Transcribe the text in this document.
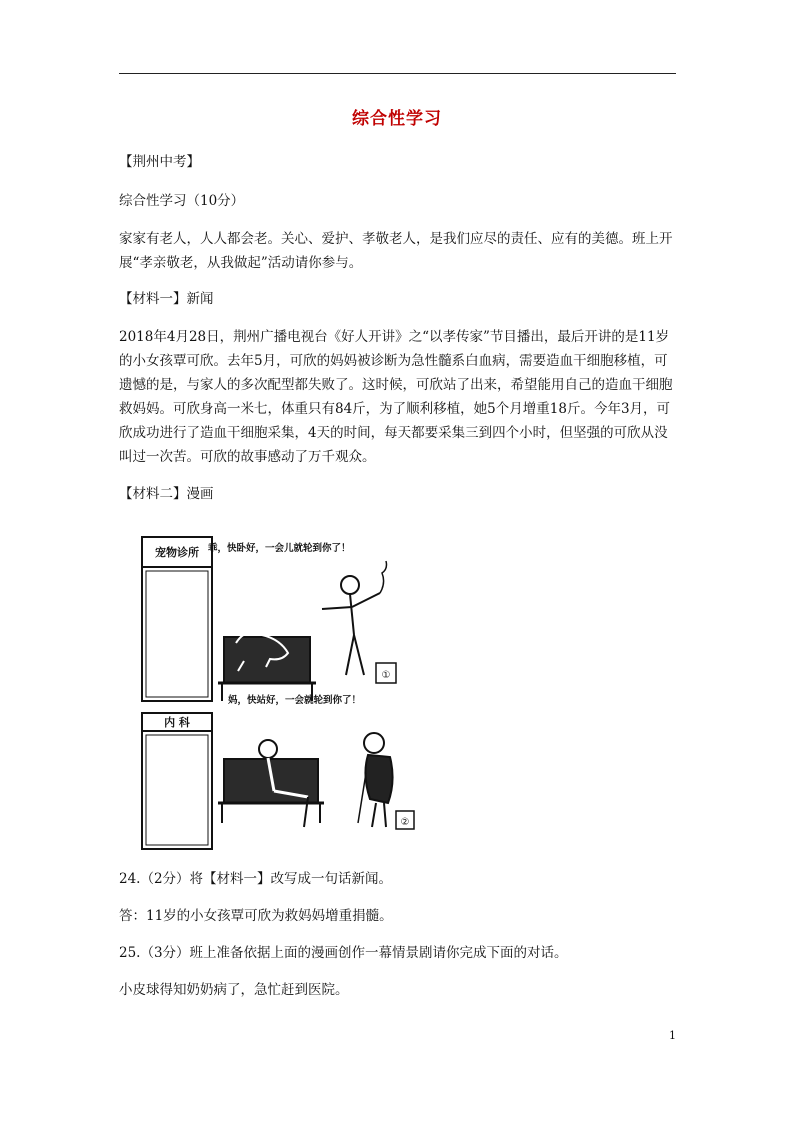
综合性学习
【荆州中考】
综合性学习（10分）
家家有老人，人人都会老。关心、爱护、孝敬老人，是我们应尽的责任、应有的美德。班上开展“孝亲敬老，从我做起”活动请你参与。
【材料一】新闻
2018年4月28日，荆州广播电视台《好人开讲》之“以孝传家”节目播出，最后开讲的是11岁的小女孩覃可欣。去年5月，可欣的妈妈被诊断为急性髓系白血病，需要造血干细胞移植，可遗憾的是，与家人的多次配型都失败了。这时候，可欣站了出来，希望能用自己的造血干细胞救妈妈。可欣身高一米七，体重只有84斤，为了顺利移植，她5个月增重18斤。今年3月，可欣成功进行了造血干细胞采集，4天的时间，每天都要采集三到四个小时，但坚强的可欣从没叫过一次苦。可欣的故事感动了万千观众。
【材料二】漫画
宠物诊所 乖，快卧好，一会儿就轮到你了！
①
内 科
妈，快站好，一会就轮到你了！
②
24.（2分）将【材料一】改写成一句话新闻。
答：11岁的小女孩覃可欣为救妈妈增重捐髓。
25.（3分）班上准备依据上面的漫画创作一幕情景剧请你完成下面的对话。
小皮球得知奶奶病了，急忙赶到医院。
1
